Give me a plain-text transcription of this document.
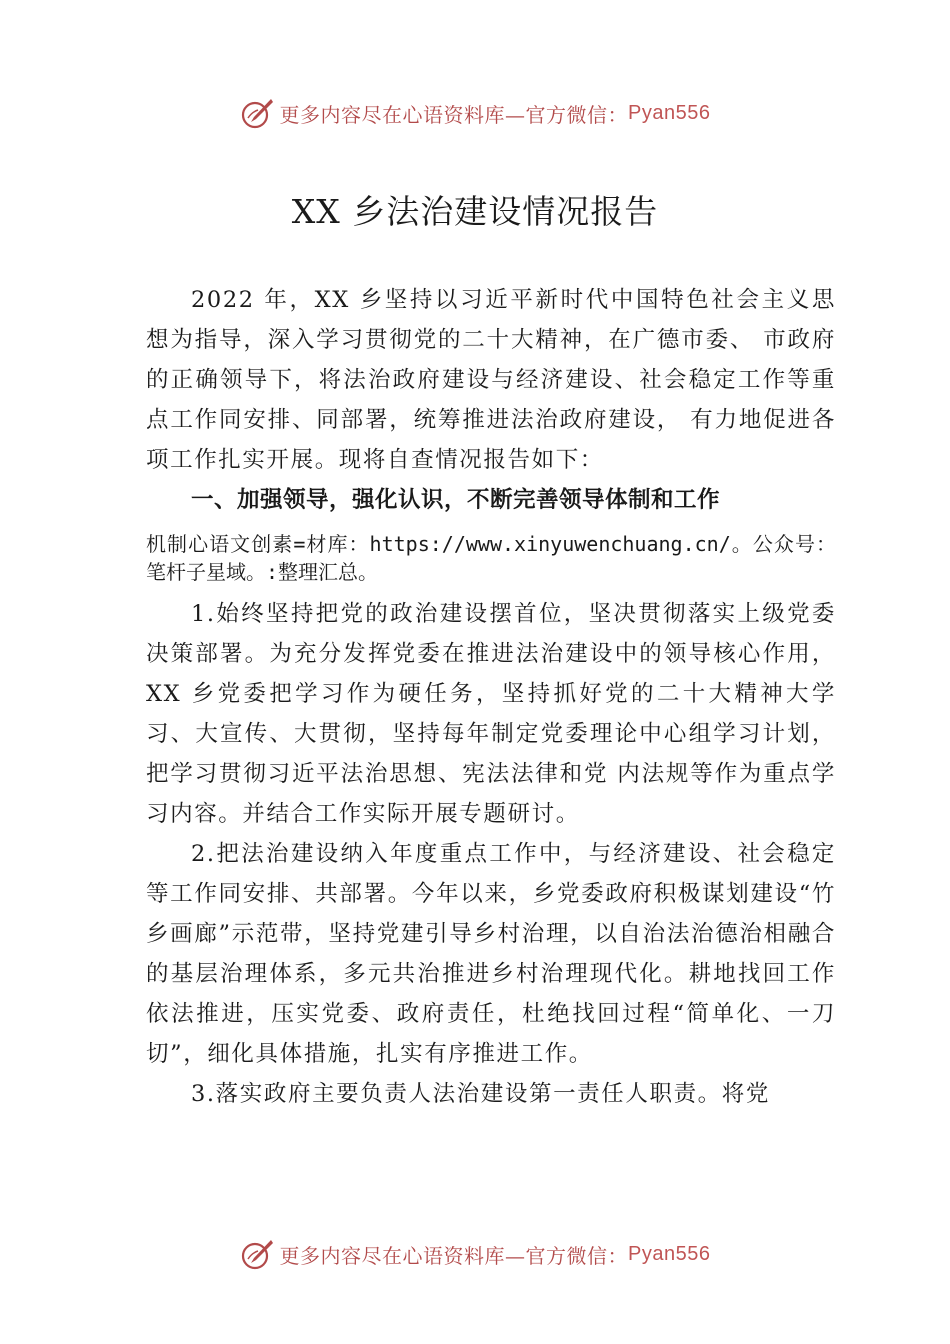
更多内容尽在心语资料库—官方微信： Pyan556
XX 乡法治建设情况报告

2022 年，XX 乡坚持以习近平新时代中国特色社会主义思想为指导，深入学习贯彻党的二十大精神，在广德市委、 市政府的正确领导下，将法治政府建设与经济建设、社会稳定工作等重点工作同安排、同部署，统筹推进法治政府建设， 有力地促进各项工作扎实开展。现将自查情况报告如下：

一、加强领导，强化认识，不断完善领导体制和工作

机制心语文创素=材库：https://www.xinyuwenchuang.cn/。公众号：笔杆子星域。:整理汇总。

1.始终坚持把党的政治建设摆首位，坚决贯彻落实上级党委决策部署。为充分发挥党委在推进法治建设中的领导核心作用，XX 乡党委把学习作为硬任务，坚持抓好党的二十大精神大学习、大宣传、大贯彻，坚持每年制定党委理论中心组学习计划，把学习贯彻习近平法治思想、宪法法律和党 内法规等作为重点学习内容。并结合工作实际开展专题研讨。

2.把法治建设纳入年度重点工作中，与经济建设、社会稳定等工作同安排、共部署。今年以来，乡党委政府积极谋划建设“竹乡画廊”示范带，坚持党建引导乡村治理，以自治法治德治相融合的基层治理体系，多元共治推进乡村治理现代化。耕地找回工作依法推进，压实党委、政府责任，杜绝找回过程“简单化、一刀切”，细化具体措施，扎实有序推进工作。

3.落实政府主要负责人法治建设第一责任人职责。将党

更多内容尽在心语资料库—官方微信： Pyan556
